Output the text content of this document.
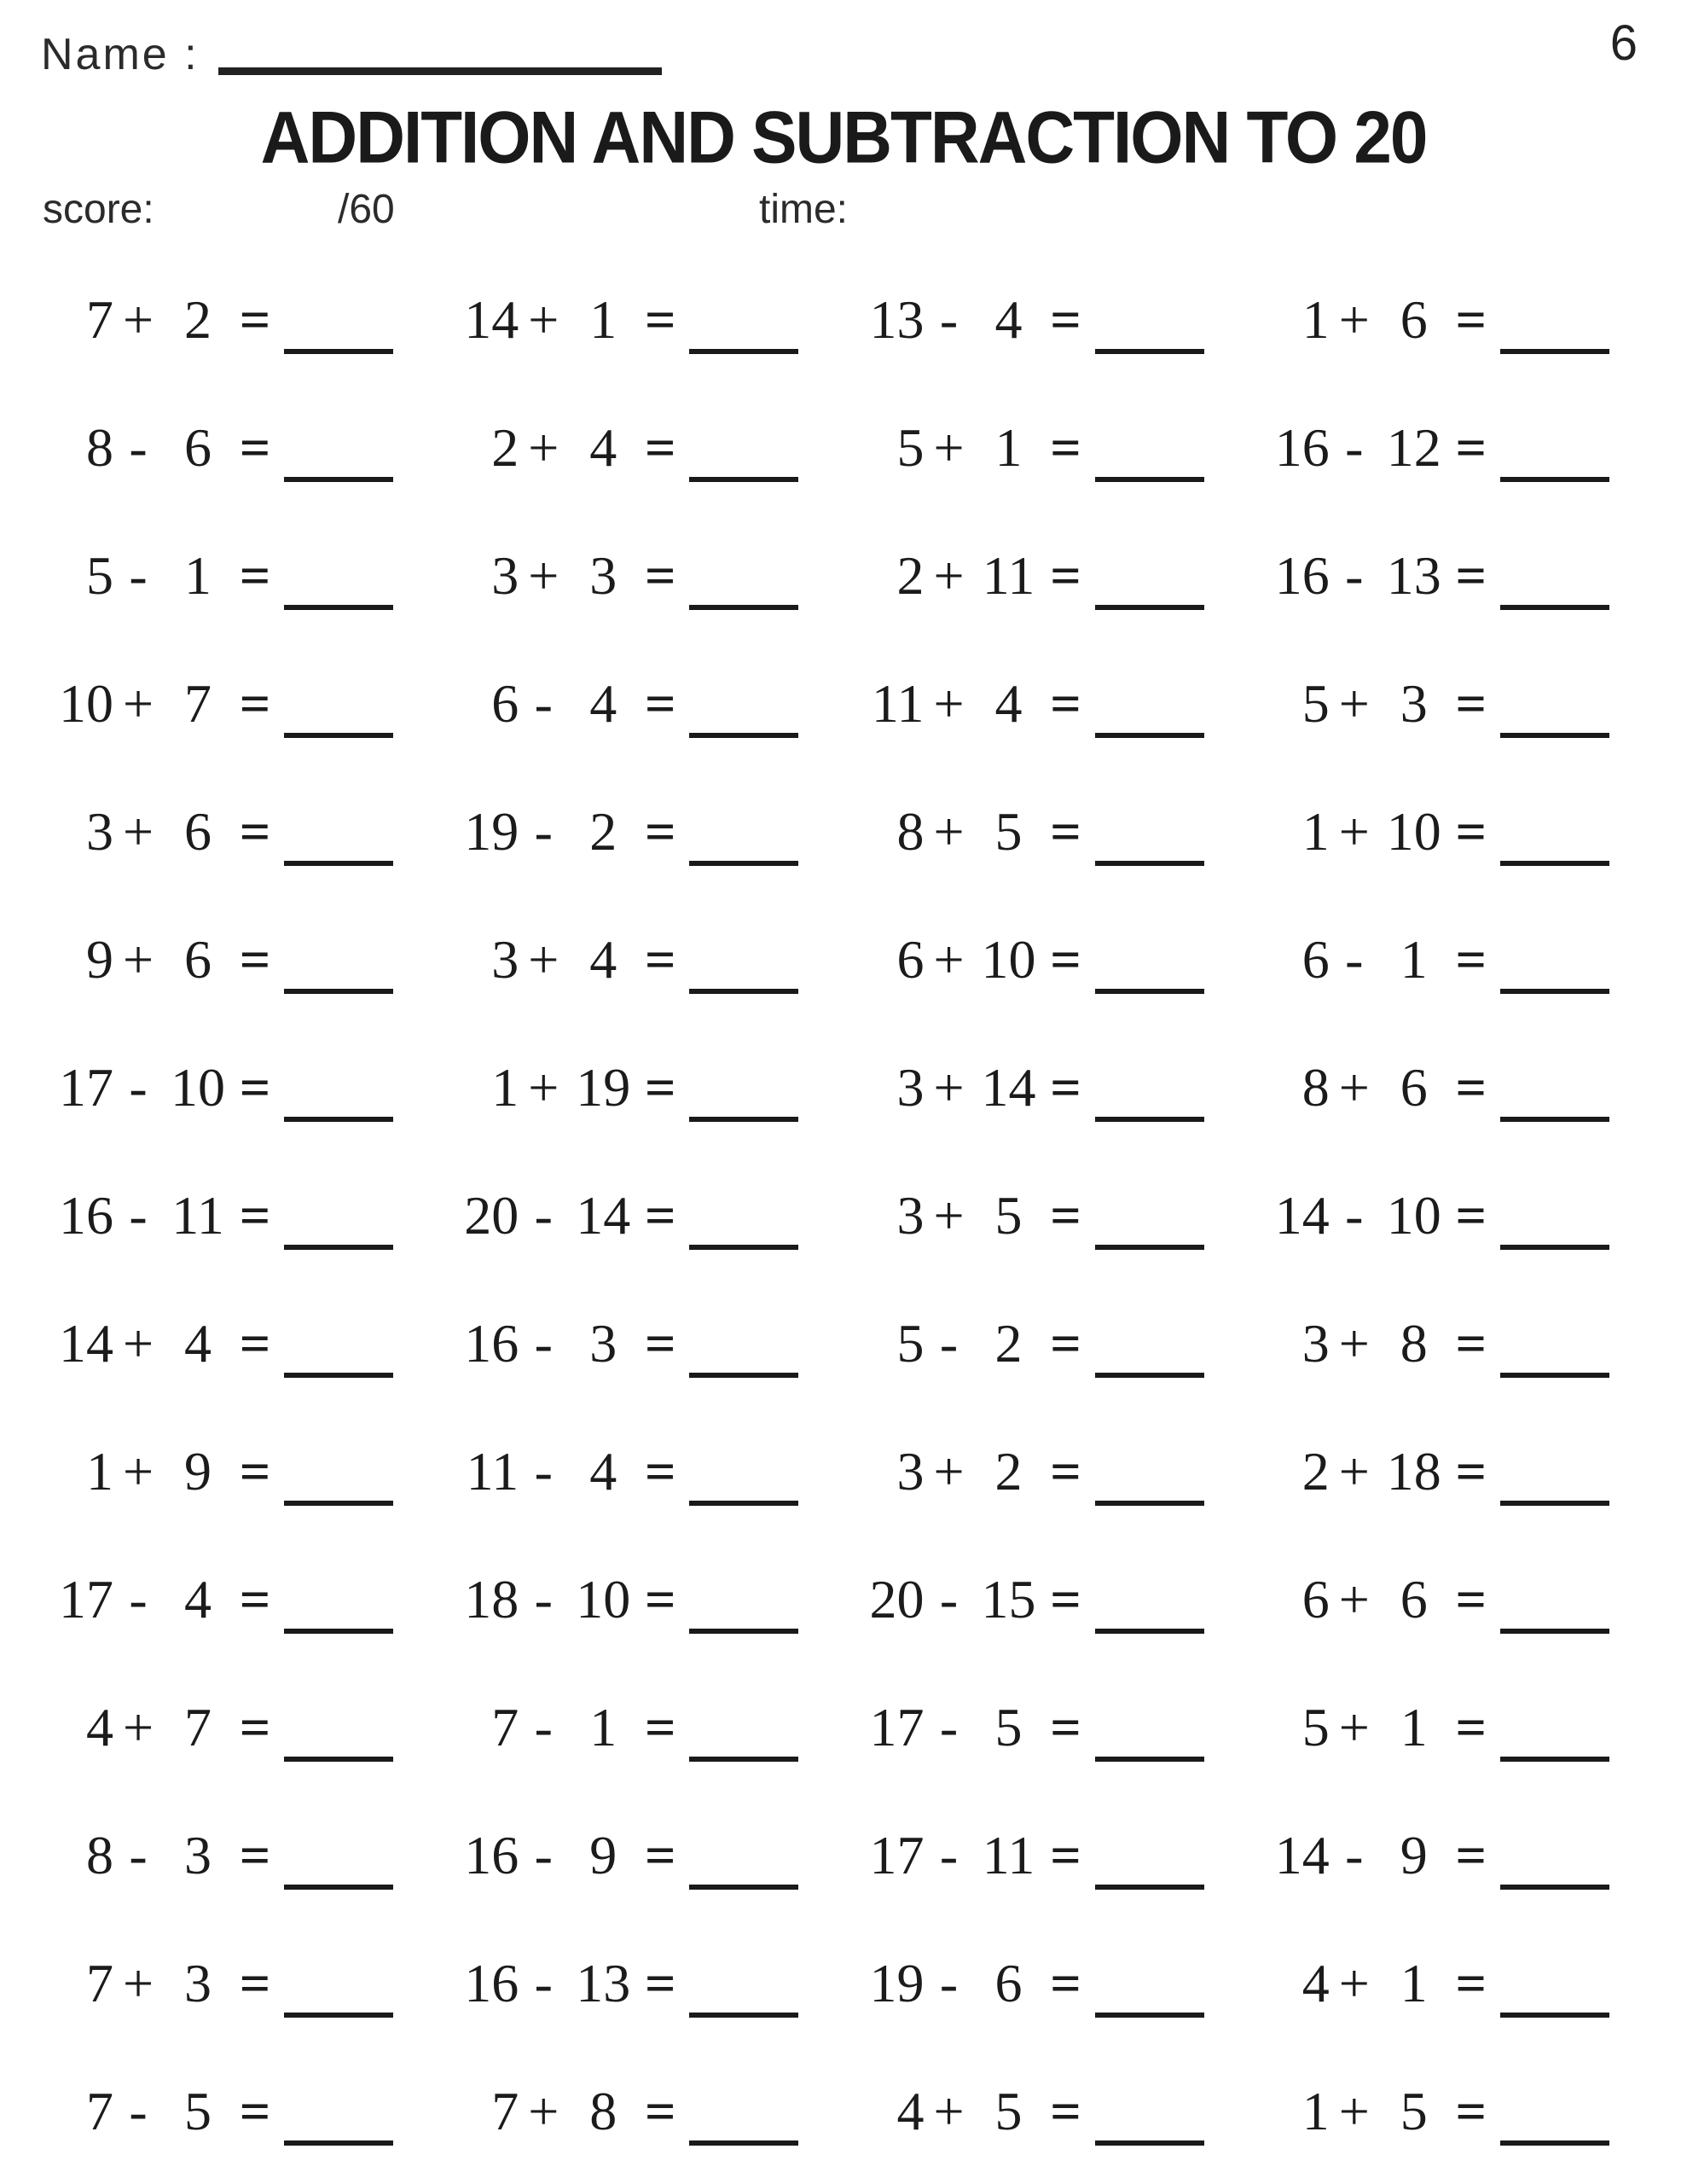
Name :	6
ADDITION AND SUBTRACTION TO 20
score:	/60	time:
7 + 2 =	14 + 1 =	13 - 4 =	1 + 6 =
8 - 6 =	2 + 4 =	5 + 1 =	16 - 12 =
5 - 1 =	3 + 3 =	2 + 11 =	16 - 13 =
10 + 7 =	6 - 4 =	11 + 4 =	5 + 3 =
3 + 6 =	19 - 2 =	8 + 5 =	1 + 10 =
9 + 6 =	3 + 4 =	6 + 10 =	6 - 1 =
17 - 10 =	1 + 19 =	3 + 14 =	8 + 6 =
16 - 11 =	20 - 14 =	3 + 5 =	14 - 10 =
14 + 4 =	16 - 3 =	5 - 2 =	3 + 8 =
1 + 9 =	11 - 4 =	3 + 2 =	2 + 18 =
17 - 4 =	18 - 10 =	20 - 15 =	6 + 6 =
4 + 7 =	7 - 1 =	17 - 5 =	5 + 1 =
8 - 3 =	16 - 9 =	17 - 11 =	14 - 9 =
7 + 3 =	16 - 13 =	19 - 6 =	4 + 1 =
7 - 5 =	7 + 8 =	4 + 5 =	1 + 5 =
